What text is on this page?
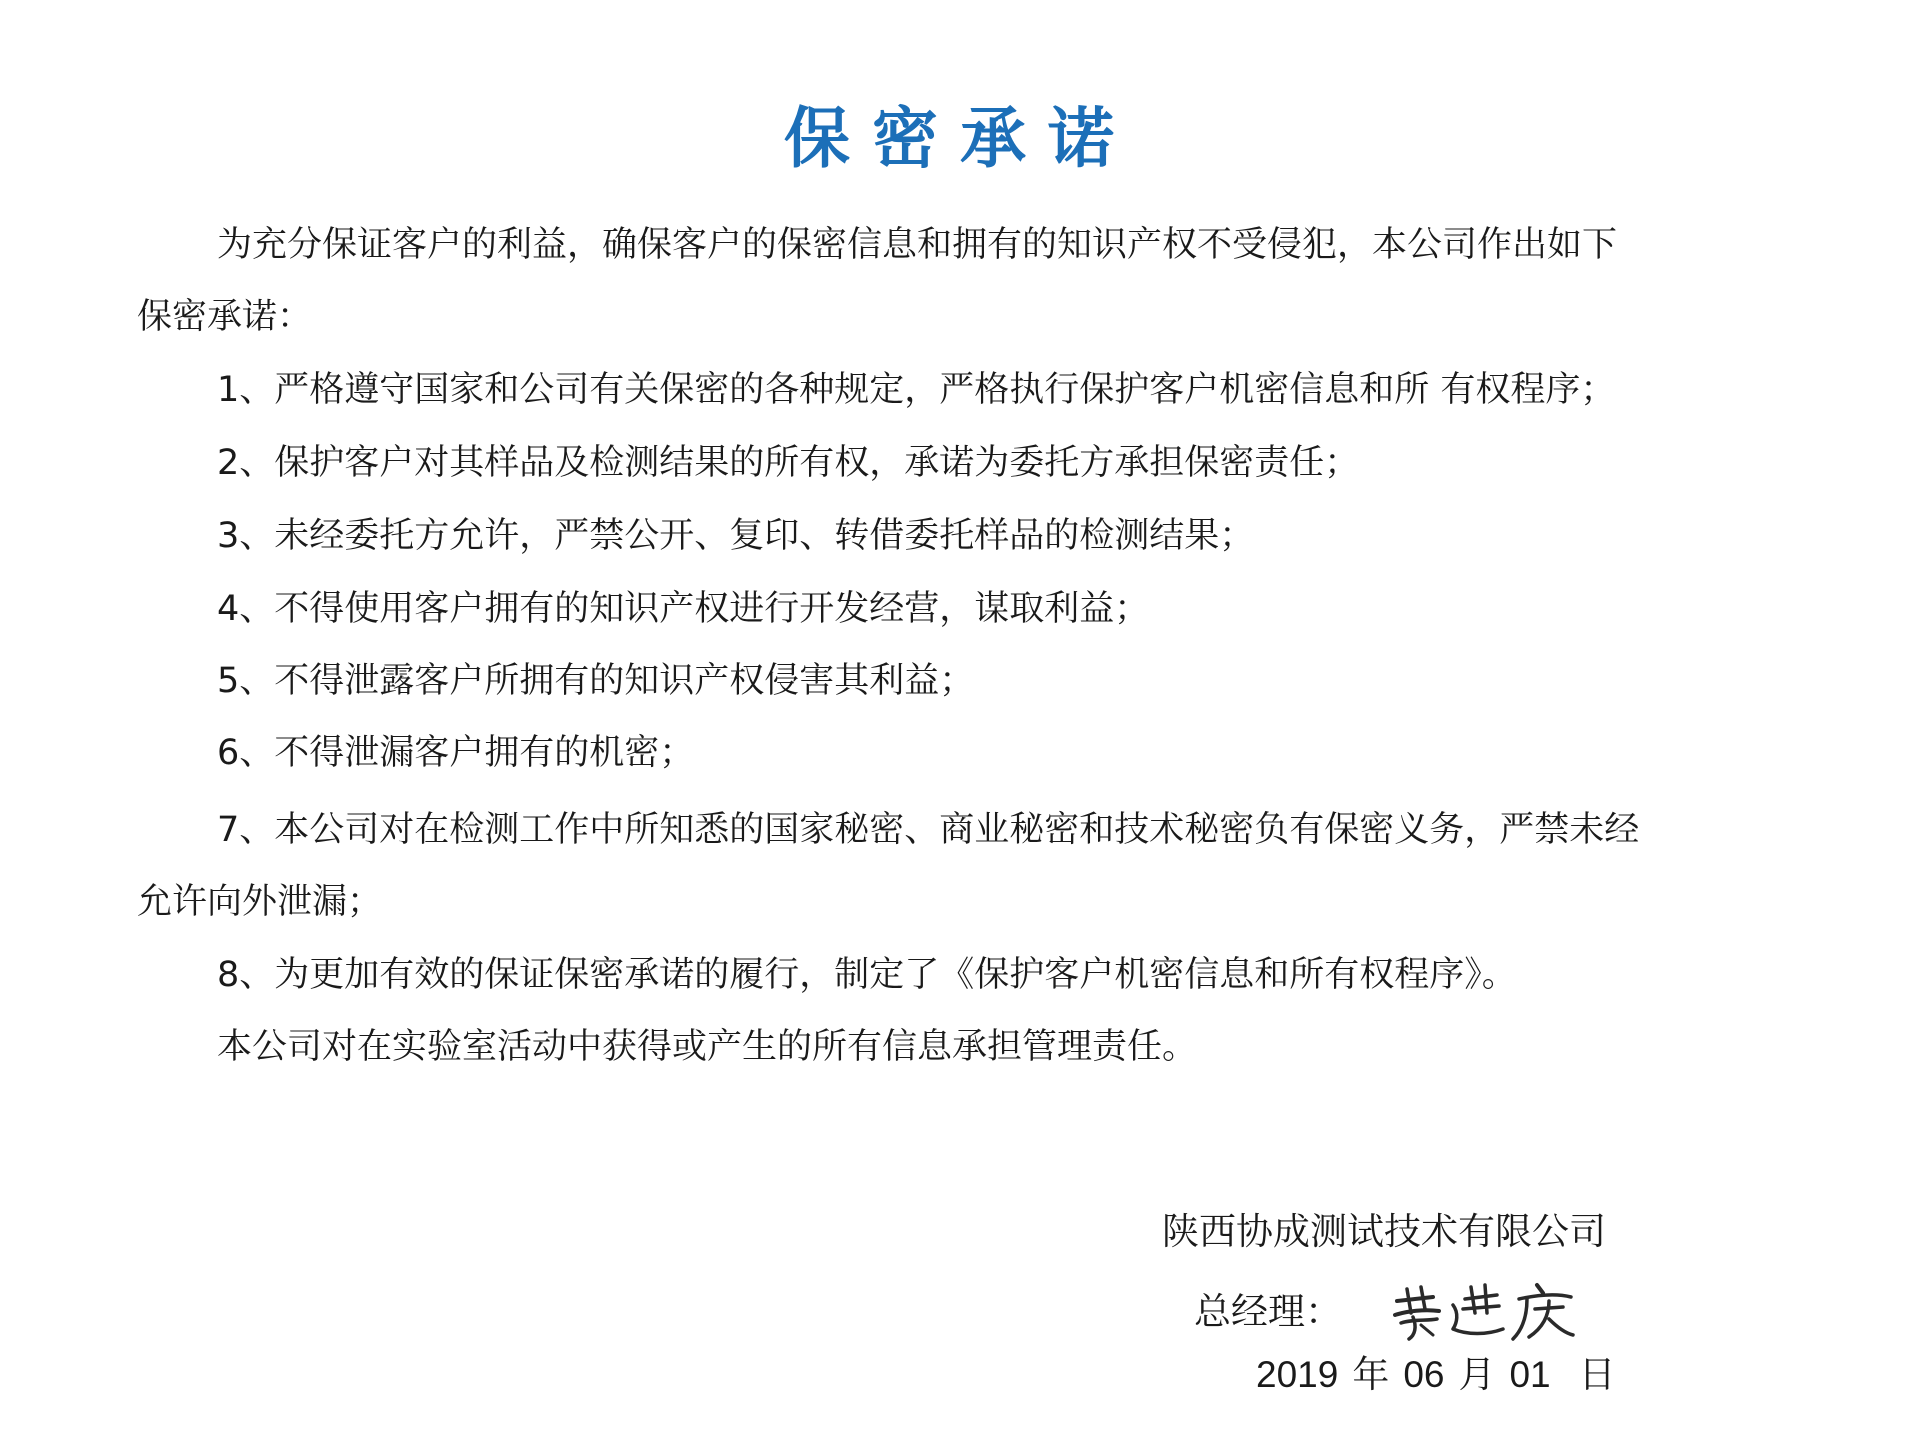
保密承诺

为充分保证客户的利益，确保客户的保密信息和拥有的知识产权不受侵犯，本公司作出如下

保密承诺：

1、严格遵守国家和公司有关保密的各种规定，严格执行保护客户机密信息和所 有权程序；

2、保护客户对其样品及检测结果的所有权，承诺为委托方承担保密责任；

3、未经委托方允许，严禁公开、复印、转借委托样品的检测结果；

4、不得使用客户拥有的知识产权进行开发经营，谋取利益；

5、不得泄露客户所拥有的知识产权侵害其利益；

6、不得泄漏客户拥有的机密；

7、本公司对在检测工作中所知悉的国家秘密、商业秘密和技术秘密负有保密义务，严禁未经

允许向外泄漏；

8、为更加有效的保证保密承诺的履行，制定了《保护客户机密信息和所有权程序》。

本公司对在实验室活动中获得或产生的所有信息承担管理责任。

陕西协成测试技术有限公司
总经理：
2019 年 06 月 01 日
